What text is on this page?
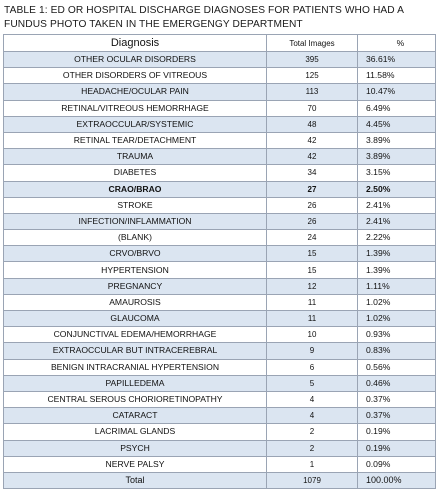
TABLE 1: ED OR HOSPITAL DISCHARGE DIAGNOSES FOR PATIENTS WHO HAD A FUNDUS PHOTO TAKEN IN THE EMERGENGY DEPARTMENT
Diagnosis	Total Images	%
OTHER OCULAR DISORDERS	395	36.61%
OTHER DISORDERS OF VITREOUS	125	11.58%
HEADACHE/OCULAR PAIN	113	10.47%
RETINAL/VITREOUS HEMORRHAGE	70	6.49%
EXTRAOCCULAR/SYSTEMIC	48	4.45%
RETINAL TEAR/DETACHMENT	42	3.89%
TRAUMA	42	3.89%
DIABETES	34	3.15%
CRAO/BRAO	27	2.50%
STROKE	26	2.41%
INFECTION/INFLAMMATION	26	2.41%
(BLANK)	24	2.22%
CRVO/BRVO	15	1.39%
HYPERTENSION	15	1.39%
PREGNANCY	12	1.11%
AMAUROSIS	11	1.02%
GLAUCOMA	11	1.02%
CONJUNCTIVAL EDEMA/HEMORRHAGE	10	0.93%
EXTRAOCCULAR BUT INTRACEREBRAL	9	0.83%
BENIGN INTRACRANIAL HYPERTENSION	6	0.56%
PAPILLEDEMA	5	0.46%
CENTRAL SEROUS CHORIORETINOPATHY	4	0.37%
CATARACT	4	0.37%
LACRIMAL GLANDS	2	0.19%
PSYCH	2	0.19%
NERVE PALSY	1	0.09%
Total	1079	100.00%
